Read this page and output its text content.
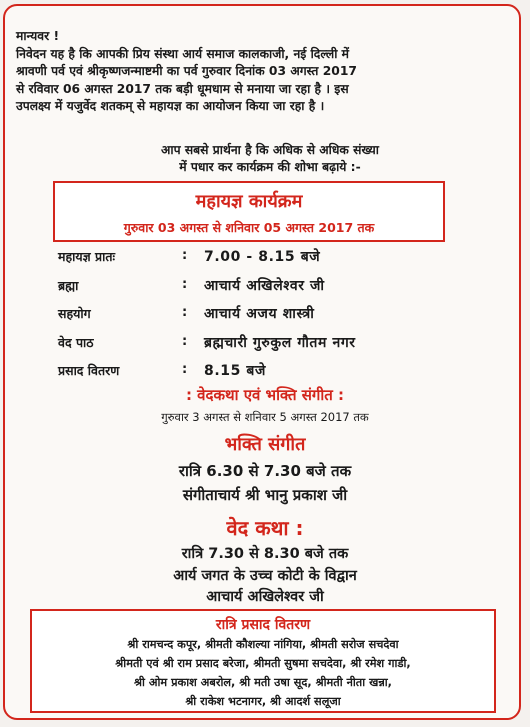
मान्यवर !

निवेदन यह है कि आपकी प्रिय संस्था आर्य समाज कालकाजी, नई दिल्ली में

श्रावणी पर्व एवं श्रीकृष्णजन्माष्टमी का पर्व गुरुवार दिनांक 03 अगस्त 2017

से रविवार 06 अगस्त 2017 तक बड़ी धूमधाम से मनाया जा रहा है । इस

उपलक्ष्य में यजुर्वेद शतकम् से महायज्ञ का आयोजन किया जा रहा है ।

आप सबसे प्रार्थना है कि अधिक से अधिक संख्या
में पधार कर कार्यक्रम की शोभा बढ़ाये :-
महायज्ञ कार्यक्रम
गुरुवार 03 अगस्त से शनिवार 05 अगस्त 2017 तक
महायज्ञ प्रातः	: 7.00 - 8.15 बजे
ब्रह्मा	: आचार्य अखिलेश्वर जी
सहयोग	: आचार्य अजय शास्त्री
वेद पाठ	: ब्रह्मचारी गुरुकुल गौतम नगर
प्रसाद वितरण	: 8.15 बजे
: वेदकथा एवं भक्ति संगीत :
गुरुवार 3 अगस्त से शनिवार 5 अगस्त 2017 तक
भक्ति संगीत
रात्रि 6.30 से 7.30 बजे तक
संगीताचार्य श्री भानु प्रकाश जी
वेद कथा :
रात्रि 7.30 से 8.30 बजे तक
आर्य जगत के उच्च कोटी के विद्वान
आचार्य अखिलेश्वर जी
रात्रि प्रसाद वितरण
श्री रामचन्द कपूर, श्रीमती कौशल्या नांगिया, श्रीमती सरोज सचदेवा
श्रीमती एवं श्री राम प्रसाद बरेजा, श्रीमती सुषमा सचदेवा, श्री रमेश गाडी,
श्री ओम प्रकाश अबरोल, श्री मती उषा सूद, श्रीमती नीता खन्ना,
श्री राकेश भटनागर, श्री आदर्श सलूजा
